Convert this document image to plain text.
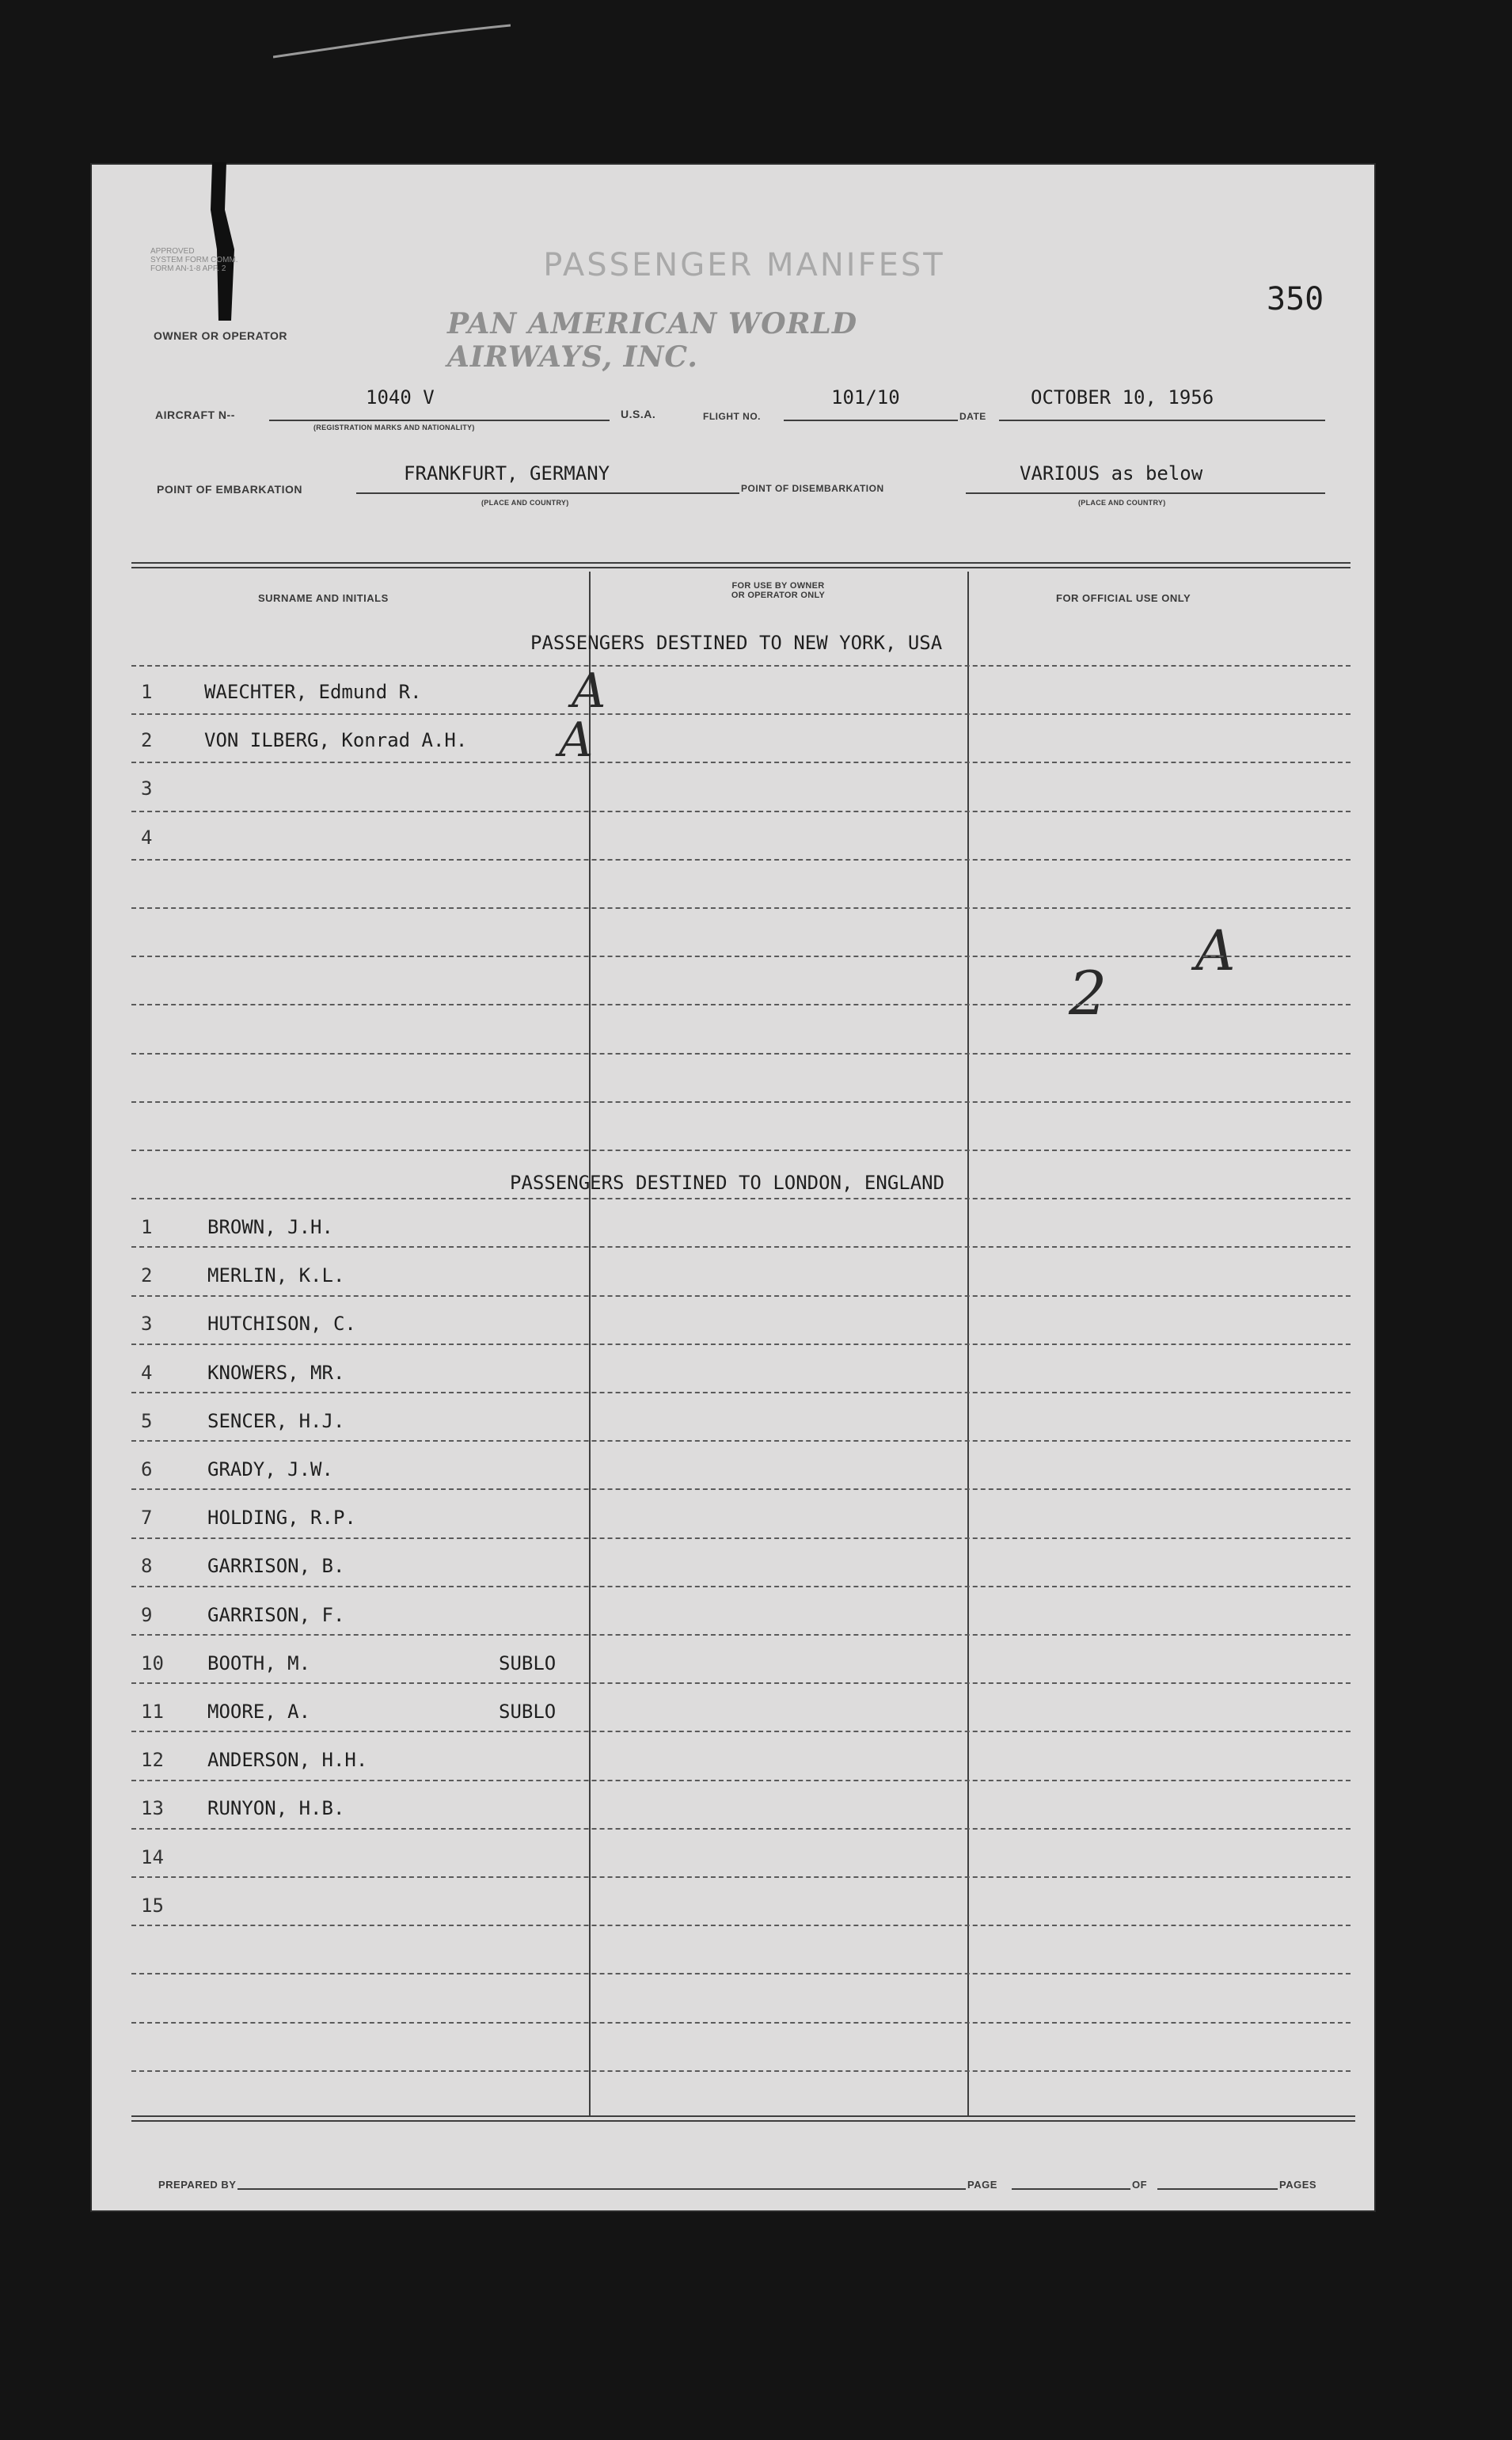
APPROVED
SYSTEM FORM COMM.
FORM AN-1-8 APP. 2	PASSENGER MANIFEST
350
OWNER OR OPERATOR	PAN AMERICAN WORLD AIRWAYS, INC.
AIRCRAFT N--
1040 V
(REGISTRATION MARKS AND NATIONALITY)
U.S.A.	FLIGHT NO.
101/10
DATE
OCTOBER 10, 1956
POINT OF EMBARKATION
FRANKFURT, GERMANY
(PLACE AND COUNTRY)
POINT OF DISEMBARKATION
VARIOUS as below
(PLACE AND COUNTRY)
SURNAME AND INITIALS
FOR USE BY OWNER
OR OPERATOR ONLY	FOR OFFICIAL USE ONLY
PASSENGERS DESTINED TO NEW YORK, USA
PASSENGERS DESTINED TO LONDON, ENGLAND
A
A
2
A
PREPARED BY	PAGE	OF	PAGES
1	WAECHTER, Edmund R.
2	VON ILBERG, Konrad A.H.
3
4
1	BROWN, J.H.
2	MERLIN, K.L.
3	HUTCHISON, C.
4	KNOWERS, MR.
5	SENCER, H.J.
6	GRADY, J.W.
7	HOLDING, R.P.
8	GARRISON, B.
9	GARRISON, F.
10 BOOTH, M.	SUBLO
11 MOORE, A.	SUBLO
12 ANDERSON, H.H.
13 RUNYON, H.B.
14
15
